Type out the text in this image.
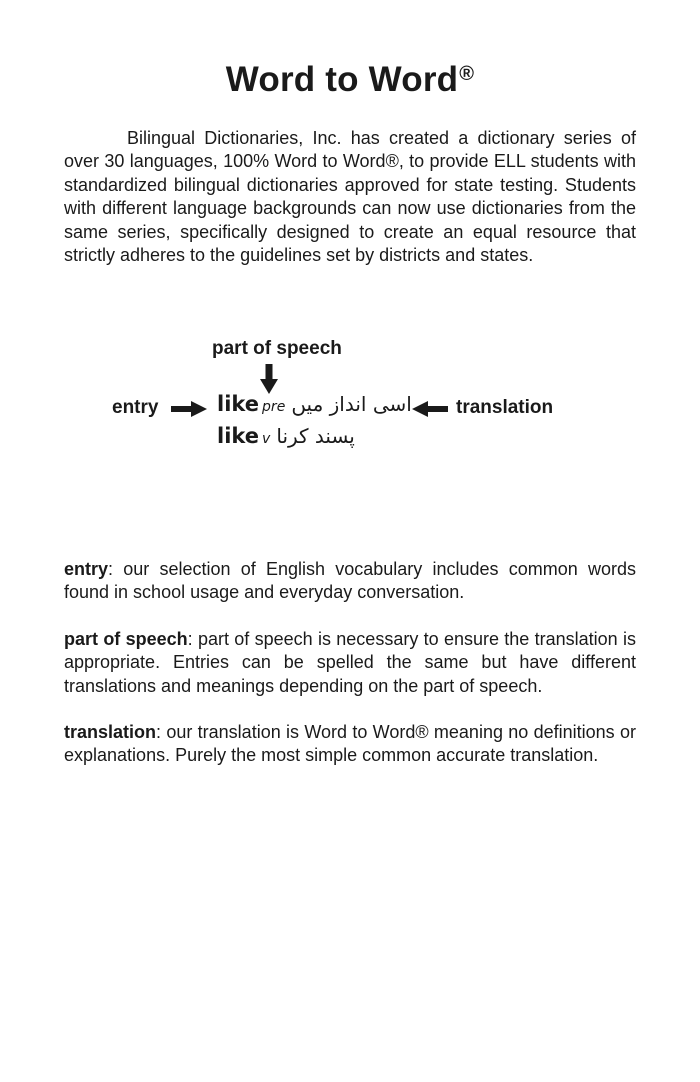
Word to Word®

Bilingual Dictionaries, Inc. has created a dictionary series of over 30 languages, 100% Word to Word®, to provide ELL students with standardized bilingual dictionaries approved for state testing. Students with different language backgrounds can now use dictionaries from the same series, specifically designed to create an equal resource that strictly adheres to the guidelines set by districts and states.

part of speech
entry	like pre اسی انداز میں
like v پسند کرنا
translation

entry: our selection of English vocabulary includes common words found in school usage and everyday conversation.

part of speech: part of speech is necessary to ensure the translation is appropriate. Entries can be spelled the same but have different translations and meanings depending on the part of speech.

translation: our translation is Word to Word® meaning no definitions or explanations. Purely the most simple common accurate translation.
